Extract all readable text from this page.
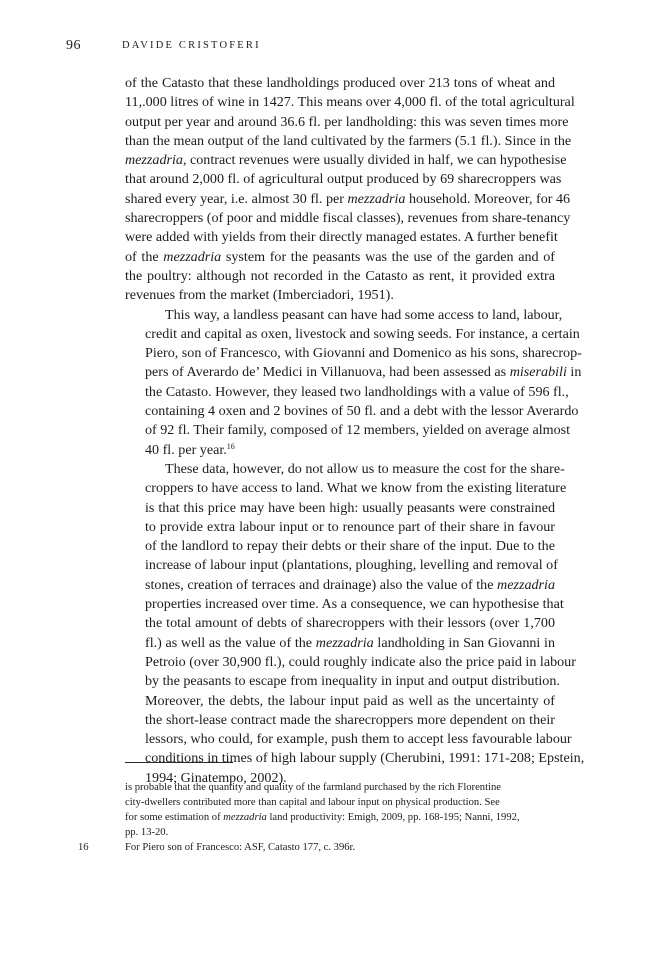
96	DAVIDE CRISTOFERI

of the Catasto that these landholdings produced over 213 tons of wheat and
11,.000 litres of wine in 1427. This means over 4,000 fl. of the total agricultural
output per year and around 36.6 fl. per landholding: this was seven times more
than the mean output of the land cultivated by the farmers (5.1 fl.). Since in the
mezzadria, contract revenues were usually divided in half, we can hypothesise
that around 2,000 fl. of agricultural output produced by 69 sharecroppers was
shared every year, i.e. almost 30 fl. per mezzadria household. Moreover, for 46
sharecroppers (of poor and middle fiscal classes), revenues from share-tenancy
were added with yields from their directly managed estates. A further benefit
of the mezzadria system for the peasants was the use of the garden and of
the poultry: although not recorded in the Catasto as rent, it provided extra
revenues from the market (Imberciadori, 1951).

This way, a landless peasant can have had some access to land, labour,
credit and capital as oxen, livestock and sowing seeds. For instance, a certain
Piero, son of Francesco, with Giovanni and Domenico as his sons, sharecrop-
pers of Averardo de’ Medici in Villanuova, had been assessed as miserabili in
the Catasto. However, they leased two landholdings with a value of 596 fl.,
containing 4 oxen and 2 bovines of 50 fl. and a debt with the lessor Averardo
of 92 fl. Their family, composed of 12 members, yielded on average almost
40 fl. per year.$^{16}$

These data, however, do not allow us to measure the cost for the share-
croppers to have access to land. What we know from the existing literature
is that this price may have been high: usually peasants were constrained
to provide extra labour input or to renounce part of their share in favour
of the landlord to repay their debts or their share of the input. Due to the
increase of labour input (plantations, ploughing, levelling and removal of
stones, creation of terraces and drainage) also the value of the mezzadria
properties increased over time. As a consequence, we can hypothesise that
the total amount of debts of sharecroppers with their lessors (over 1,700
fl.) as well as the value of the mezzadria landholding in San Giovanni in
Petroio (over 30,900 fl.), could roughly indicate also the price paid in labour
by the peasants to escape from inequality in input and output distribution.
Moreover, the debts, the labour input paid as well as the uncertainty of
the short-lease contract made the sharecroppers more dependent on their
lessors, who could, for example, push them to accept less favourable labour
conditions in times of high labour supply (Cherubini, 1991: 171-208; Epstein,
1994; Ginatempo, 2002).

is probable that the quantity and quality of the farmland purchased by the rich Florentine
city-dwellers contributed more than capital and labour input on physical production. See
for some estimation of mezzadria land productivity: Emigh, 2009, pp. 168-195; Nanni, 1992,
pp. 13-20.
16	For Piero son of Francesco: ASF, Catasto 177, c. 396r.
